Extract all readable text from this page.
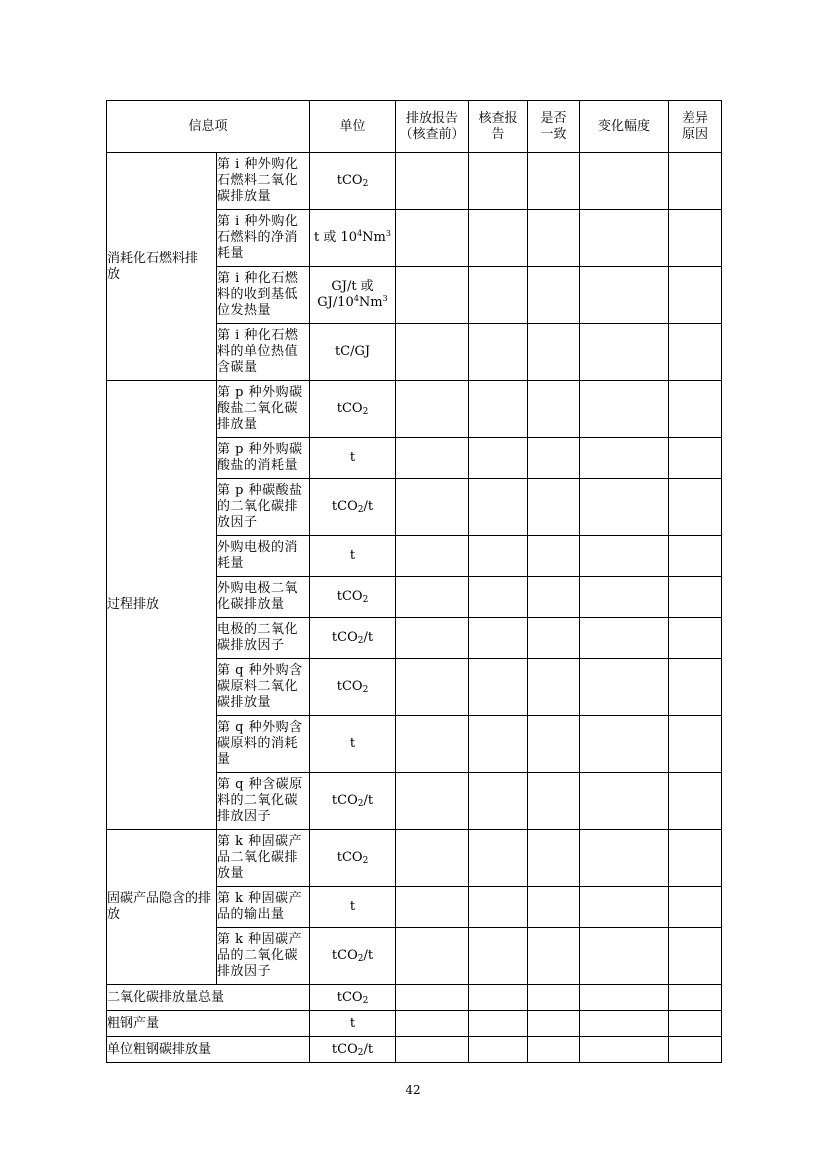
信息项		单位	排放报告（核查前）	核查报告	是否一致	变化幅度	差异原因
消耗化石燃料排放	第 i 种外购化石燃料二氧化碳排放量	tCO$_2$					
	第 i 种外购化石燃料的净消耗量	t 或 $10^4Nm^3$					
	第 i 种化石燃料的收到基低位发热量	GJ/t 或
$GJ/10^4Nm^3$					
	第 i 种化石燃料的单位热值含碳量	tC/GJ					
过程排放	第 p 种外购碳酸盐二氧化碳排放量	tCO$_2$					
	第 p 种外购碳酸盐的消耗量	t					
	第 p 种碳酸盐的二氧化碳排放因子	tCO$_2$/t					
	外购电极的消耗量	t					
	外购电极二氧化碳排放量	tCO$_2$					
	电极的二氧化碳排放因子	tCO$_2$/t					
	第 q 种外购含碳原料二氧化碳排放量	tCO$_2$					
	第 q 种外购含碳原料的消耗量	t					
	第 q 种含碳原料的二氧化碳排放因子	tCO$_2$/t					
固碳产品隐含的排放	第 k 种固碳产品二氧化碳排放量	tCO$_2$					
	第 k 种固碳产品的输出量	t					
	第 k 种固碳产品的二氧化碳排放因子	tCO$_2$/t					
二氧化碳排放量总量		tCO$_2$					
粗钢产量		t					
单位粗钢碳排放量		tCO$_2$/t					
42
